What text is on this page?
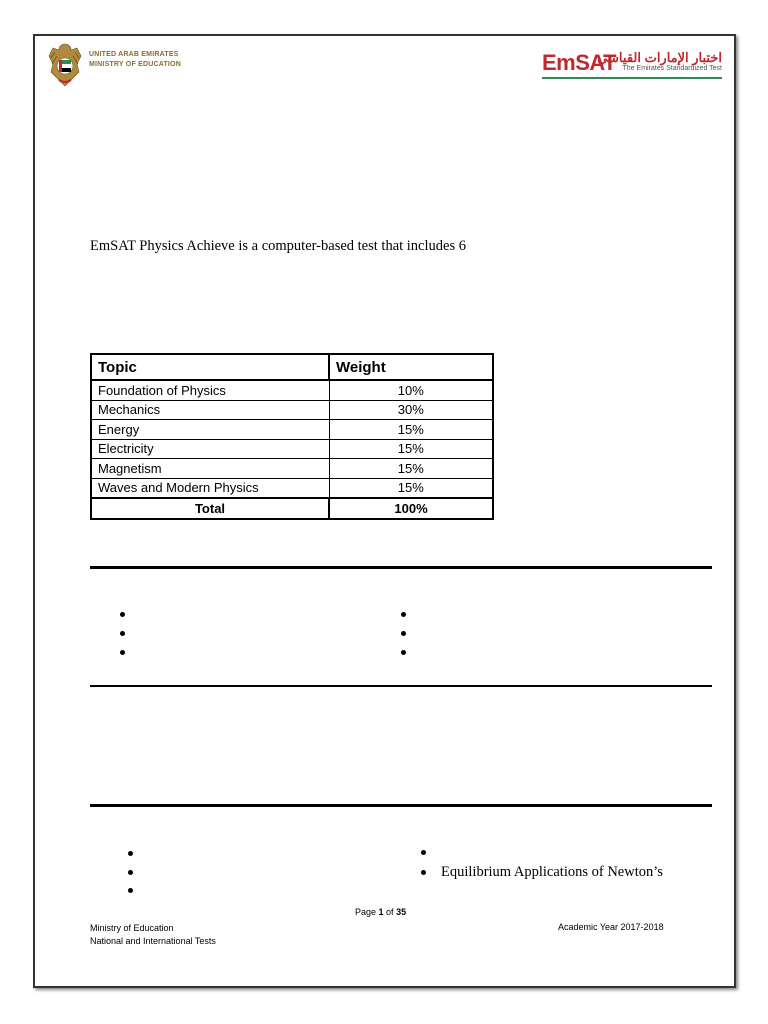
UNITED ARAB EMIRATES
MINISTRY OF EDUCATION	EmSAT
اختبار الإمارات القياسي
The Emirates Standardized Test
EmSAT Physics Achieve is a computer-based test that includes 6
Topic	Weight
Foundation of Physics	10%
Mechanics	30%
Energy	15%
Electricity	15%
Magnetism	15%
Waves and Modern Physics	15%
Total	100%
Equilibrium Applications of Newton’s
Page 1 of 35
Ministry of Education
National and International Tests
Academic Year 2017-2018
